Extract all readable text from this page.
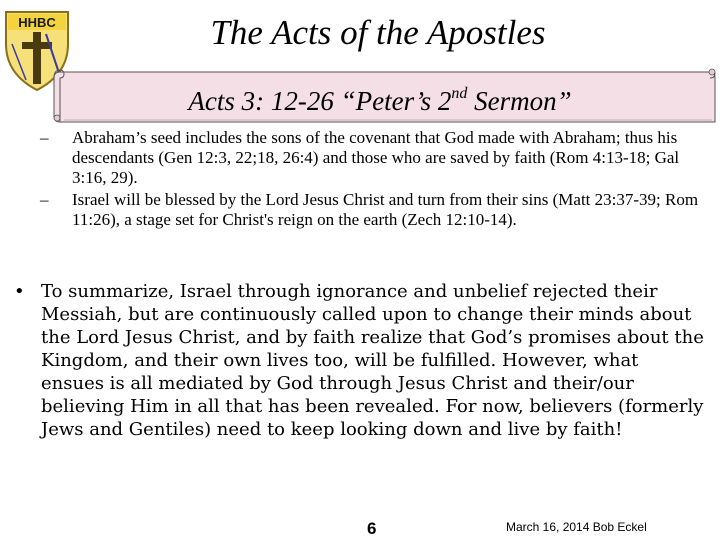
HHBC	The Acts of the Apostles
Acts 3: 12-26 “Peter’s 2nd Sermon”
– Abraham’s seed includes the sons of the covenant that God made with Abraham; thus his descendants (Gen 12:3, 22;18, 26:4) and those who are saved by faith (Rom 4:13-18; Gal 3:16, 29).
– Israel will be blessed by the Lord Jesus Christ and turn from their sins (Matt 23:37-39; Rom 11:26), a stage set for Christ's reign on the earth (Zech 12:10-14).
• To summarize, Israel through ignorance and unbelief rejected their Messiah, but are continuously called upon to change their minds about the Lord Jesus Christ, and by faith realize that God’s promises about the Kingdom, and their own lives too, will be fulfilled. However, what ensues is all mediated by God through Jesus Christ and their/our believing Him in all that has been revealed. For now, believers (formerly Jews and Gentiles) need to keep looking down and live by faith!
6	March 16, 2014 Bob Eckel
